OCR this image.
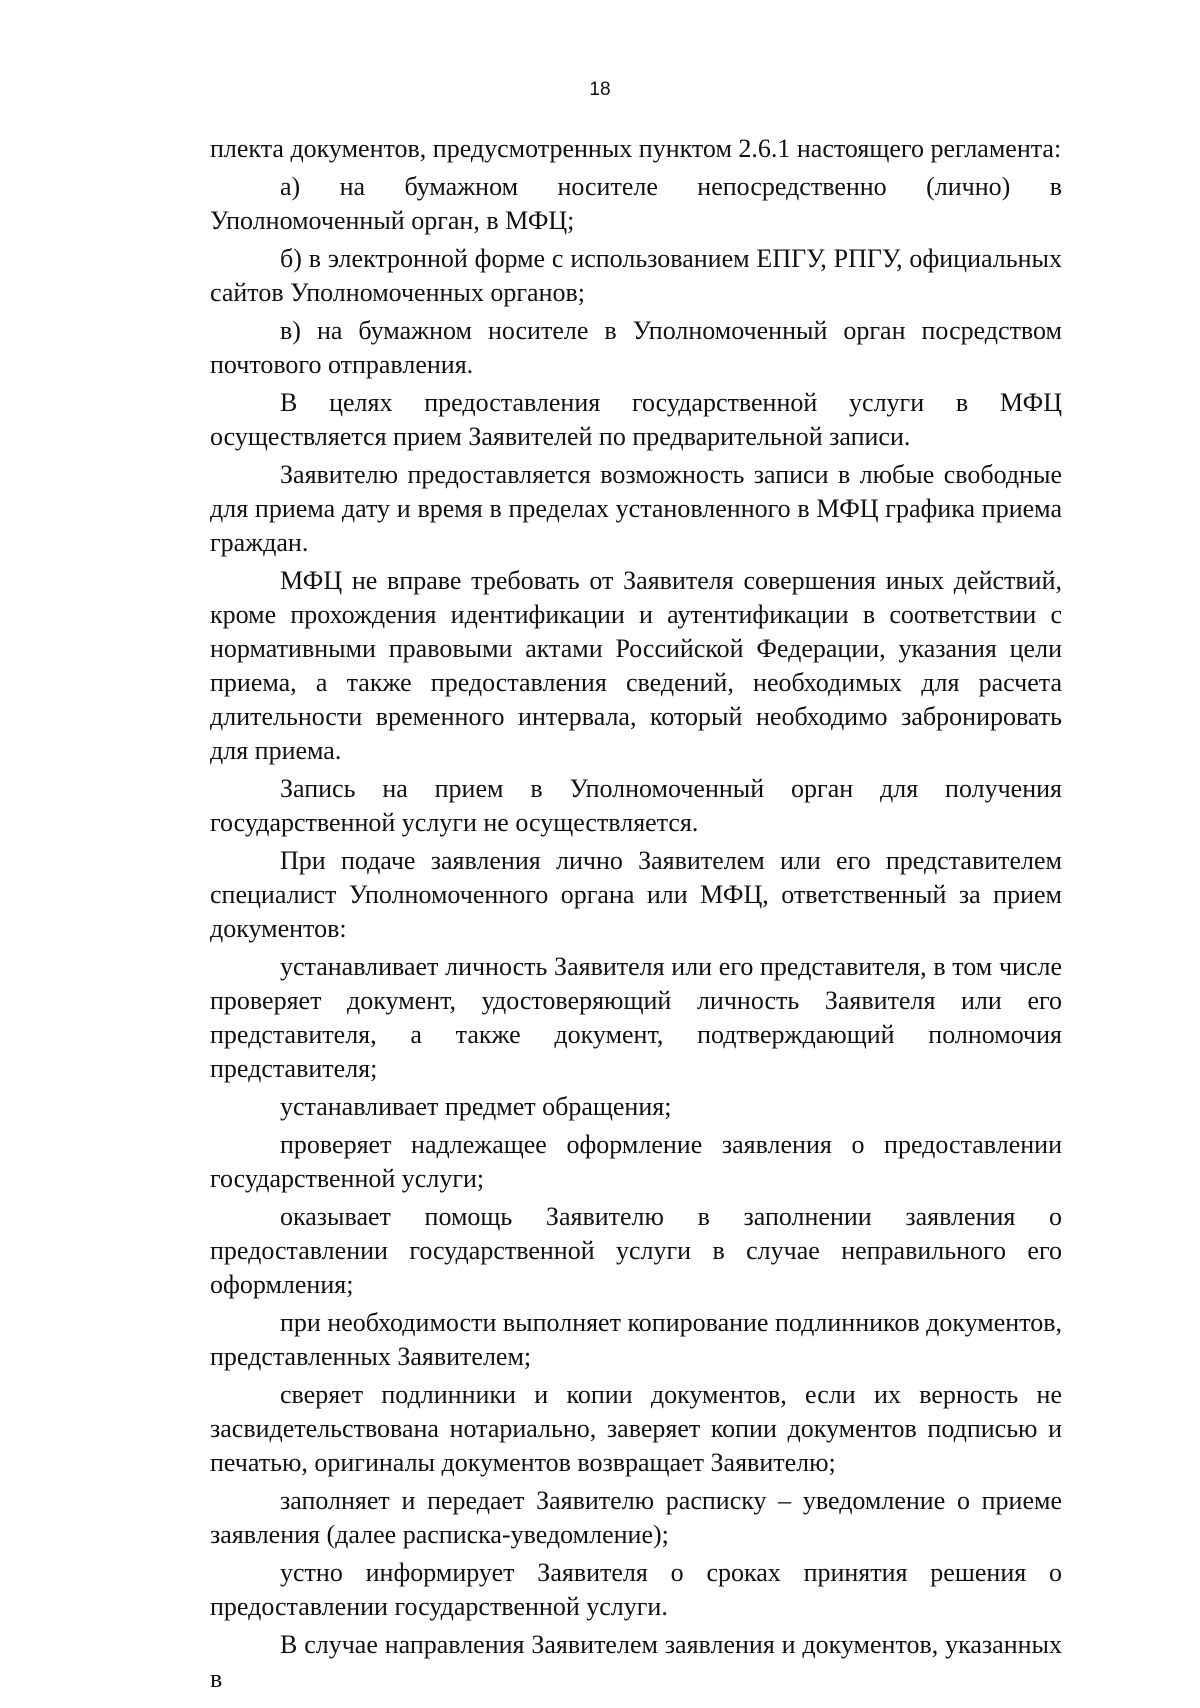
18

плекта документов, предусмотренных пунктом 2.6.1 настоящего регламента:

а) на бумажном носителе непосредственно (лично) в Уполномоченный орган, в МФЦ;

б) в электронной форме с использованием ЕПГУ, РПГУ, официальных сайтов Уполномоченных органов;

в) на бумажном носителе в Уполномоченный орган посредством почтового отправления.

В целях предоставления государственной услуги в МФЦ осуществляется прием Заявителей по предварительной записи.

Заявителю предоставляется возможность записи в любые свободные для приема дату и время в пределах установленного в МФЦ графика приема граждан.

МФЦ не вправе требовать от Заявителя совершения иных действий, кроме прохождения идентификации и аутентификации в соответствии с нормативными правовыми актами Российской Федерации, указания цели приема, а также предоставления сведений, необходимых для расчета длительности временного интервала, который необходимо забронировать для приема.

Запись на прием в Уполномоченный орган для получения государственной услуги не осуществляется.

При подаче заявления лично Заявителем или его представителем специалист Уполномоченного органа или МФЦ, ответственный за прием документов:

устанавливает личность Заявителя или его представителя, в том числе проверяет документ, удостоверяющий личность Заявителя или его представителя, а также документ, подтверждающий полномочия представителя;

устанавливает предмет обращения;

проверяет надлежащее оформление заявления о предоставлении государственной услуги;

оказывает помощь Заявителю в заполнении заявления о предоставлении государственной услуги в случае неправильного его оформления;

при необходимости выполняет копирование подлинников документов, представленных Заявителем;

сверяет подлинники и копии документов, если их верность не засвидетельствована нотариально, заверяет копии документов подписью и печатью, оригиналы документов возвращает Заявителю;

заполняет и передает Заявителю расписку – уведомление о приеме заявления (далее расписка-уведомление);

устно информирует Заявителя о сроках принятия решения о предоставлении государственной услуги.

В случае направления Заявителем заявления и документов, указанных в
